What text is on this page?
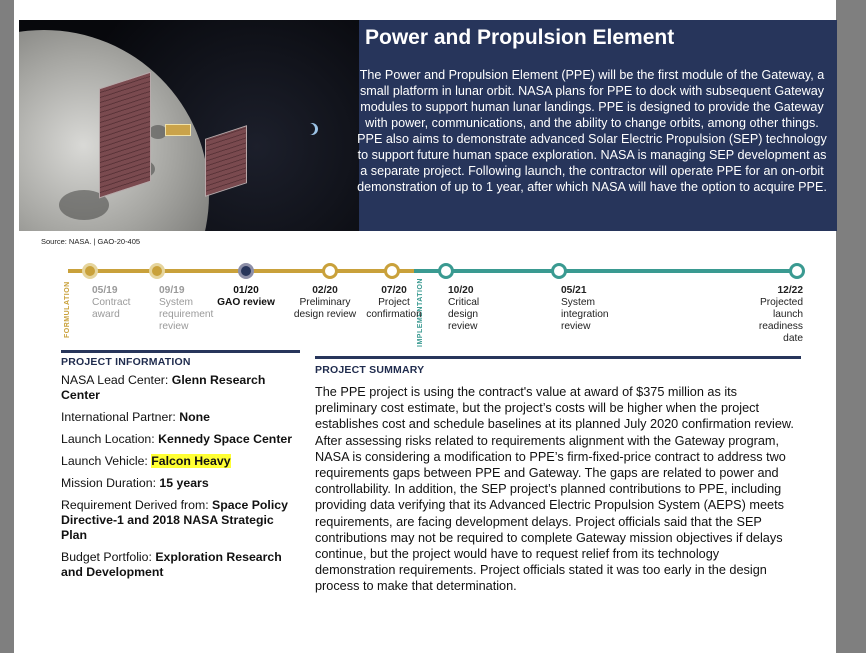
Power and Propulsion Element
The Power and Propulsion Element (PPE) will be the first module of the Gateway, a small platform in lunar orbit. NASA plans for PPE to dock with subsequent Gateway modules to support human lunar landings. PPE is designed to provide the Gateway with power, communications, and the ability to change orbits, among other things. PPE also aims to demonstrate advanced Solar Electric Propulsion (SEP) technology to support future human space exploration. NASA is managing SEP development as a separate project. Following launch, the contractor will operate PPE for an on-orbit demonstration of up to 1 year, after which NASA will have the option to acquire PPE.
Source: NASA. | GAO-20-405
FORMULATION	IMPLEMENTATION
05/19
Contract award
09/19
System requirement review
01/20
GAO review
02/20
Preliminary design review
07/20
Project confirmation
10/20
Critical design review
05/21
System integration review
12/22
Projected launch readiness date
PROJECT INFORMATION
NASA Lead Center: Glenn Research Center
International Partner: None
Launch Location: Kennedy Space Center
Launch Vehicle: Falcon Heavy
Mission Duration: 15 years
Requirement Derived from: Space Policy Directive-1 and 2018 NASA Strategic Plan
Budget Portfolio: Exploration Research and Development
PROJECT SUMMARY

The PPE project is using the contract's value at award of $375 million as its preliminary cost estimate, but the project’s costs will be higher when the project establishes cost and schedule baselines at its planned July 2020 confirmation review. After assessing risks related to requirements alignment with the Gateway program, NASA is considering a modification to PPE’s firm-fixed-price contract to address two requirements gaps between PPE and Gateway. The gaps are related to power and controllability. In addition, the SEP project’s planned contributions to PPE, including providing data verifying that its Advanced Electric Propulsion System (AEPS) meets requirements, are facing development delays. Project officials said that the SEP contributions may not be required to complete Gateway mission objectives if delays continue, but the project would have to request relief from its technology demonstration requirements. Project officials stated it was too early in the design process to make that determination.
